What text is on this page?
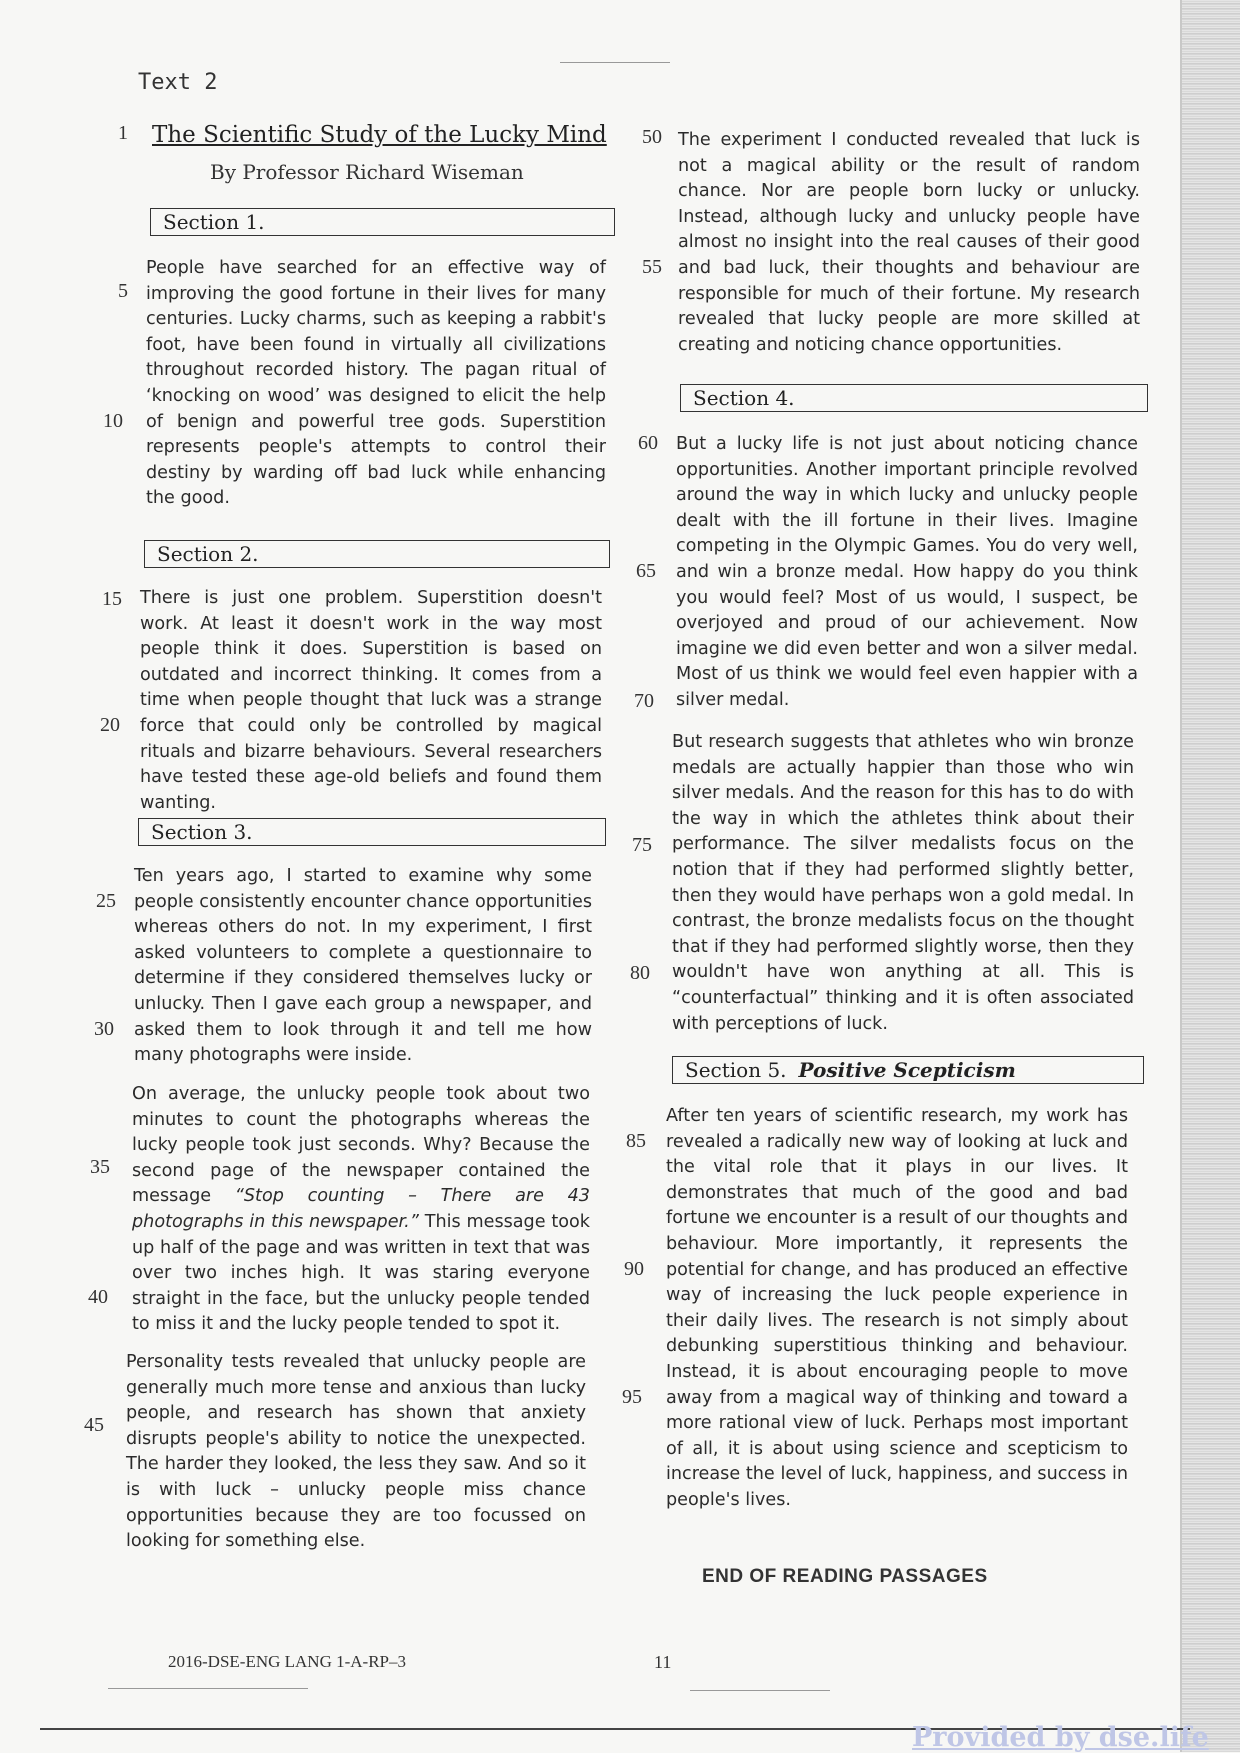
Text 2
1 The Scientific Study of the Lucky Mind
By Professor Richard Wiseman
Section 1.

People have searched for an effective way of improving the good fortune in their lives for many centuries. Lucky charms, such as keeping a rabbit's foot, have been found in virtually all civilizations throughout recorded history. The pagan ritual of ‘knocking on wood’ was designed to elicit the help of benign and powerful tree gods. Superstition represents people's attempts to control their destiny by warding off bad luck while enhancing the good.

5
10
Section 2.

There is just one problem. Superstition doesn't work. At least it doesn't work in the way most people think it does. Superstition is based on outdated and incorrect thinking. It comes from a time when people thought that luck was a strange force that could only be controlled by magical rituals and bizarre behaviours. Several researchers have tested these age-old beliefs and found them wanting.

15
20
Section 3.

Ten years ago, I started to examine why some people consistently encounter chance opportunities whereas others do not. In my experiment, I first asked volunteers to complete a questionnaire to determine if they considered themselves lucky or unlucky. Then I gave each group a newspaper, and asked them to look through it and tell me how many photographs were inside.

25
30

On average, the unlucky people took about two minutes to count the photographs whereas the lucky people took just seconds. Why? Because the second page of the newspaper contained the message “Stop counting – There are 43 photographs in this newspaper.” This message took up half of the page and was written in text that was over two inches high. It was staring everyone straight in the face, but the unlucky people tended to miss it and the lucky people tended to spot it.

35
40

Personality tests revealed that unlucky people are generally much more tense and anxious than lucky people, and research has shown that anxiety disrupts people's ability to notice the unexpected. The harder they looked, the less they saw. And so it is with luck – unlucky people miss chance opportunities because they are too focussed on looking for something else.

45
50 The experiment I conducted revealed that luck is not a magical ability or the result of random chance. Nor are people born lucky or unlucky. Instead, although lucky and unlucky people have almost no insight into the real causes of their good and bad luck, their thoughts and behaviour are responsible for much of their fortune. My research revealed that lucky people are more skilled at creating and noticing chance opportunities.

55
Section 4.

But a lucky life is not just about noticing chance opportunities. Another important principle revolved around the way in which lucky and unlucky people dealt with the ill fortune in their lives. Imagine competing in the Olympic Games. You do very well, and win a bronze medal. How happy do you think you would feel? Most of us would, I suspect, be overjoyed and proud of our achievement. Now imagine we did even better and won a silver medal. Most of us think we would feel even happier with a silver medal.

60
65
70

But research suggests that athletes who win bronze medals are actually happier than those who win silver medals. And the reason for this has to do with the way in which the athletes think about their performance. The silver medalists focus on the notion that if they had performed slightly better, then they would have perhaps won a gold medal. In contrast, the bronze medalists focus on the thought that if they had performed slightly worse, then they wouldn't have won anything at all. This is “counterfactual” thinking and it is often associated with perceptions of luck.

75
80
Section 5. Positive Scepticism

After ten years of scientific research, my work has revealed a radically new way of looking at luck and the vital role that it plays in our lives. It demonstrates that much of the good and bad fortune we encounter is a result of our thoughts and behaviour. More importantly, it represents the potential for change, and has produced an effective way of increasing the luck people experience in their daily lives. The research is not simply about debunking superstitious thinking and behaviour. Instead, it is about encouraging people to move away from a magical way of thinking and toward a more rational view of luck. Perhaps most important of all, it is about using science and scepticism to increase the level of luck, happiness, and success in people's lives.

85
90
95
END OF READING PASSAGES
2016-DSE-ENG LANG 1-A-RP–3	11
Provided by dse.life
